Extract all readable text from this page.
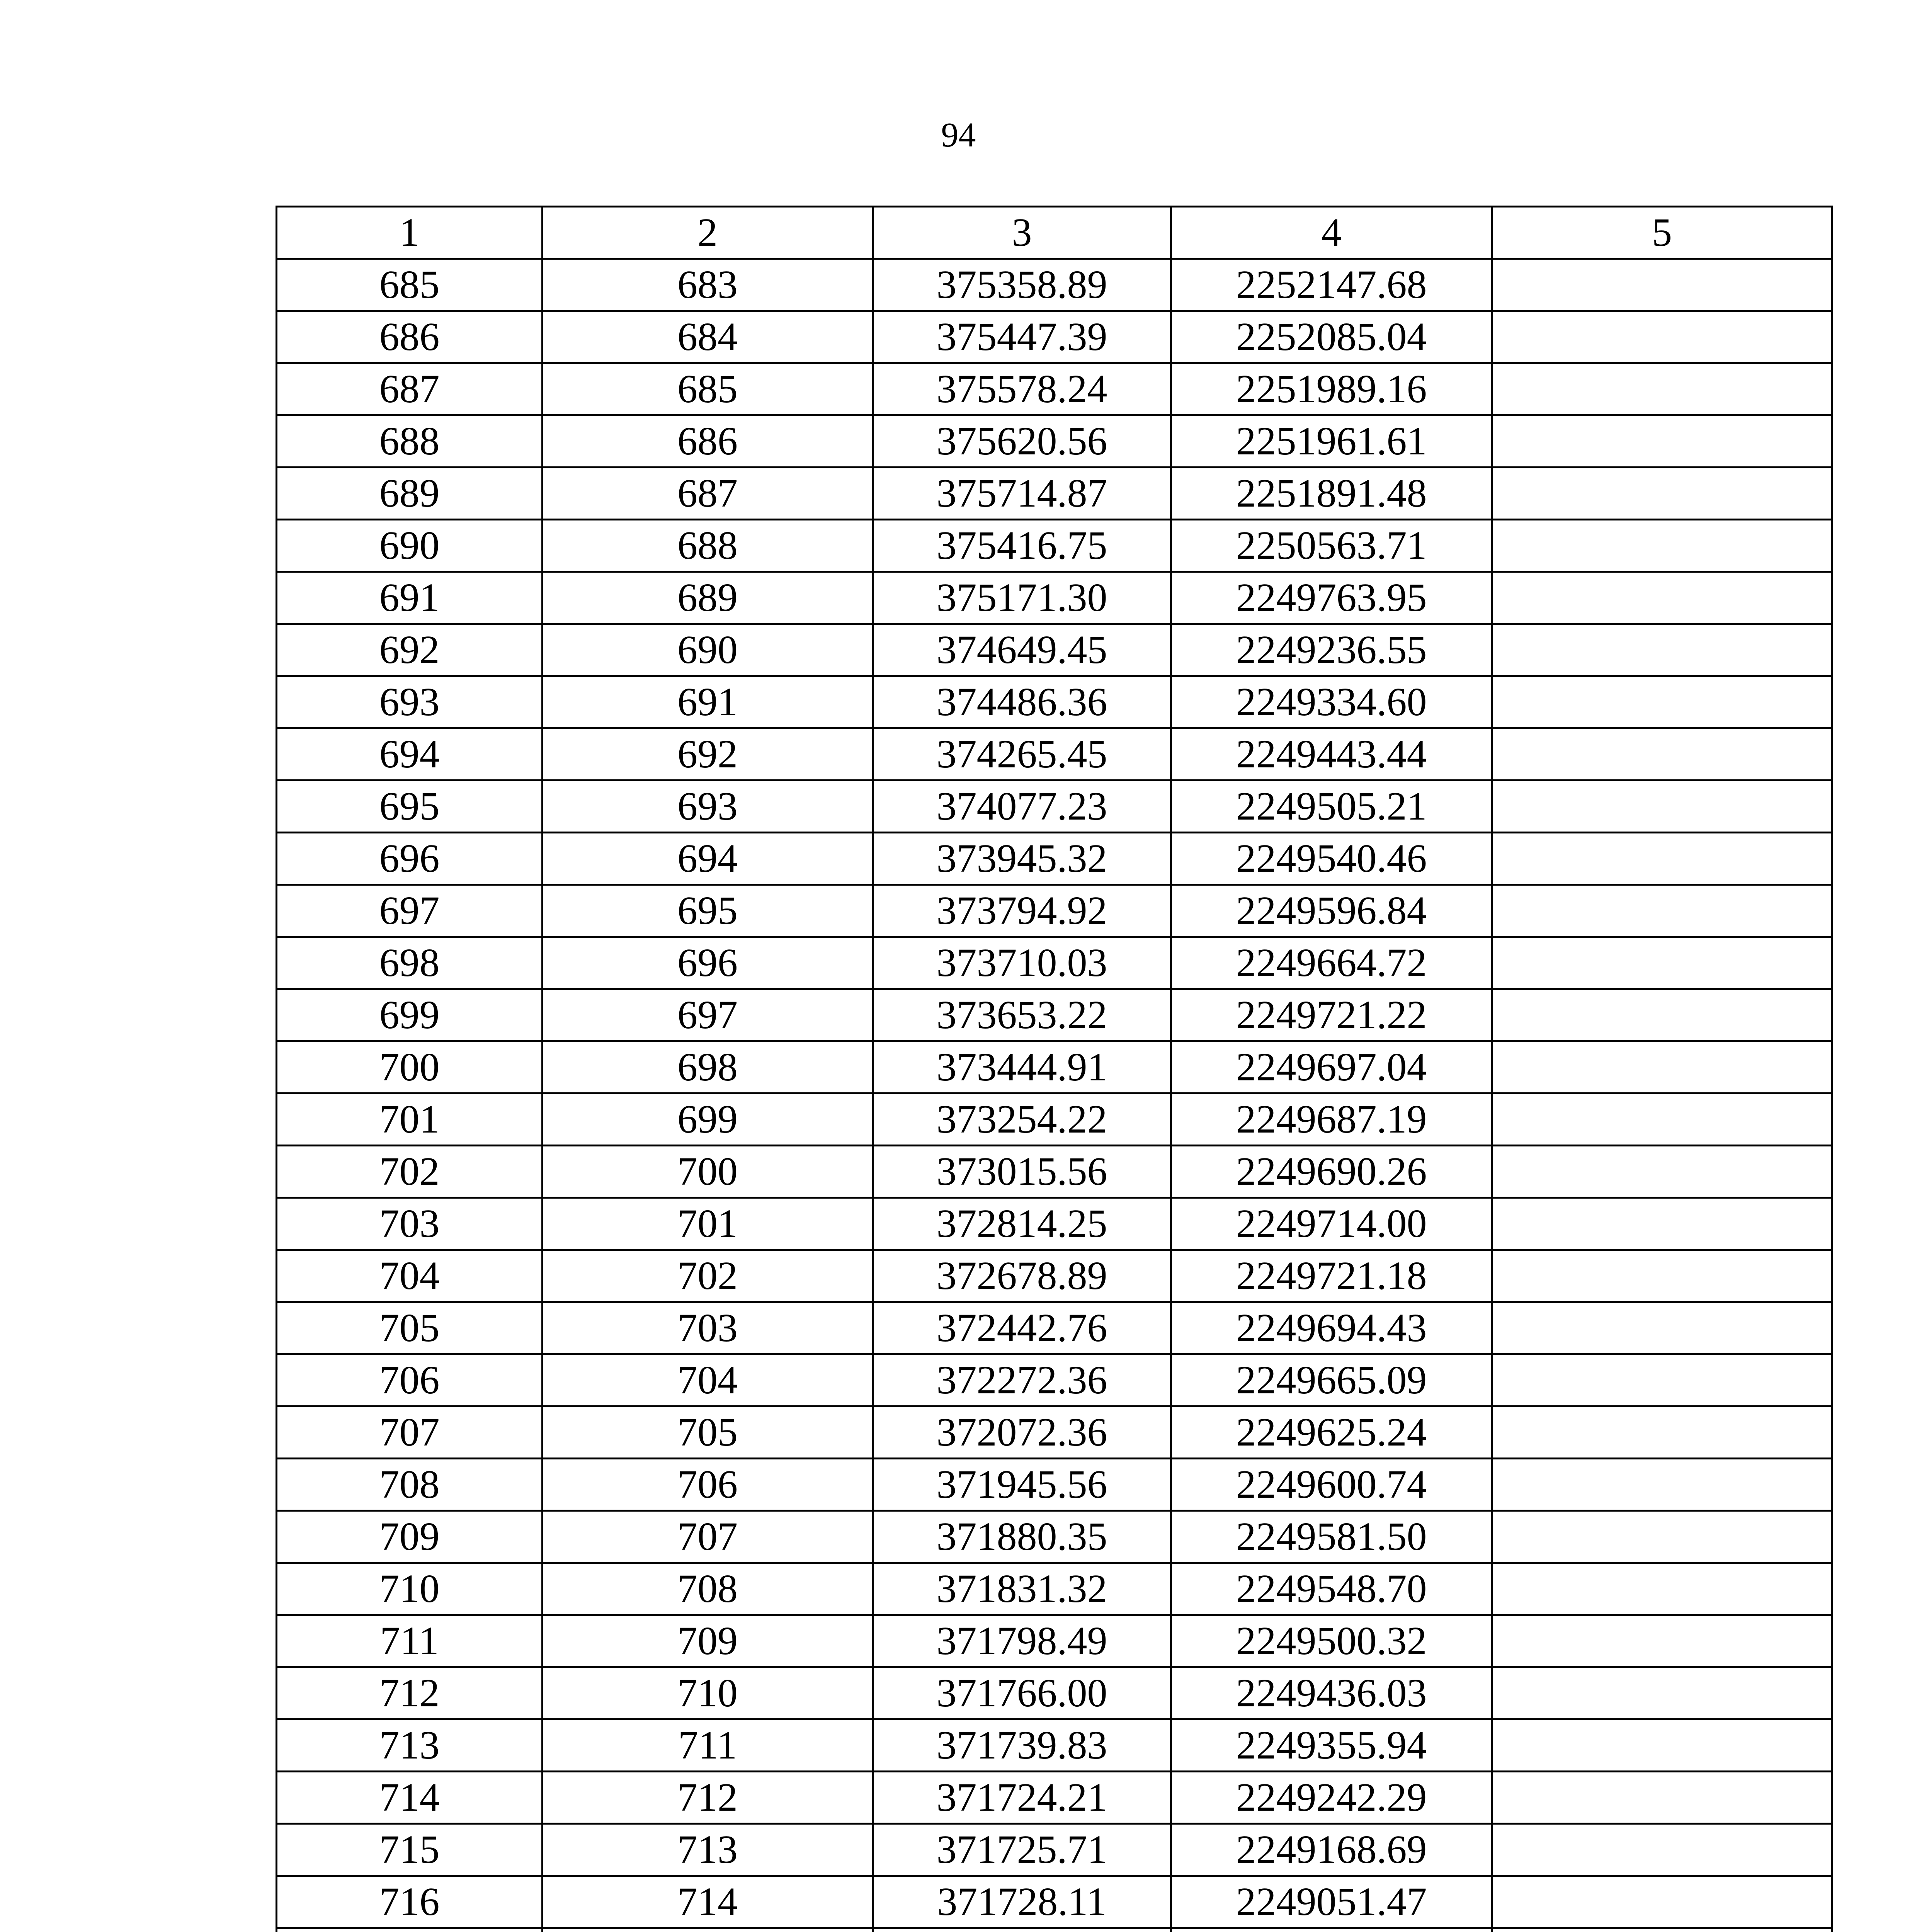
94
1	2	3	4	5
685	683	375358.89	2252147.68	
686	684	375447.39	2252085.04	
687	685	375578.24	2251989.16	
688	686	375620.56	2251961.61	
689	687	375714.87	2251891.48	
690	688	375416.75	2250563.71	
691	689	375171.30	2249763.95	
692	690	374649.45	2249236.55	
693	691	374486.36	2249334.60	
694	692	374265.45	2249443.44	
695	693	374077.23	2249505.21	
696	694	373945.32	2249540.46	
697	695	373794.92	2249596.84	
698	696	373710.03	2249664.72	
699	697	373653.22	2249721.22	
700	698	373444.91	2249697.04	
701	699	373254.22	2249687.19	
702	700	373015.56	2249690.26	
703	701	372814.25	2249714.00	
704	702	372678.89	2249721.18	
705	703	372442.76	2249694.43	
706	704	372272.36	2249665.09	
707	705	372072.36	2249625.24	
708	706	371945.56	2249600.74	
709	707	371880.35	2249581.50	
710	708	371831.32	2249548.70	
711	709	371798.49	2249500.32	
712	710	371766.00	2249436.03	
713	711	371739.83	2249355.94	
714	712	371724.21	2249242.29	
715	713	371725.71	2249168.69	
716	714	371728.11	2249051.47	
